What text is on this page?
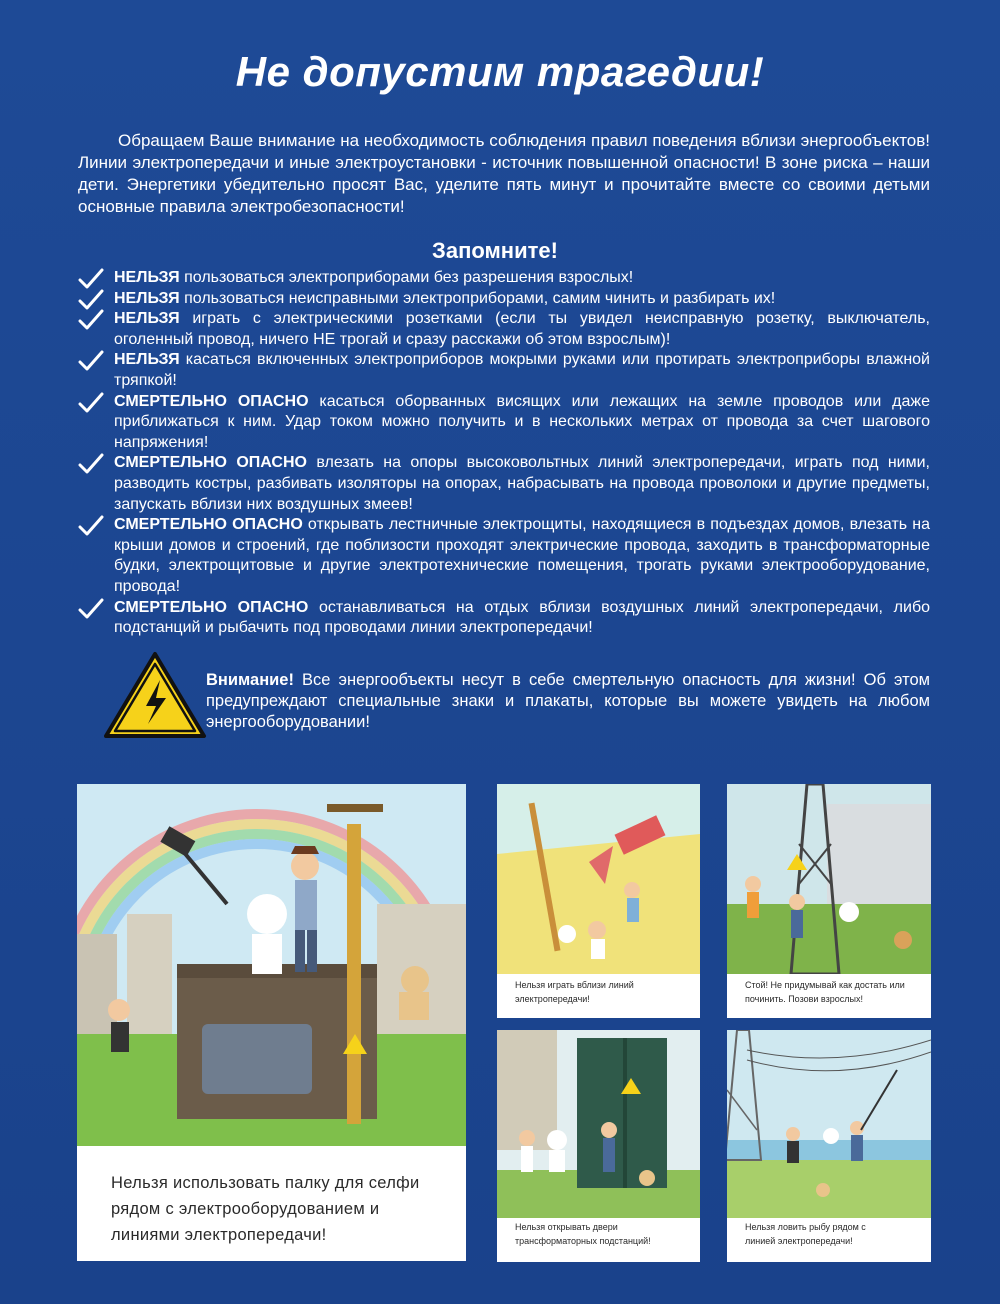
Не допустим трагедии!
Обращаем Ваше внимание на необходимость соблюдения правил поведения вблизи энергообъектов! Линии электропередачи и иные электроустановки - источник повышенной опасности! В зоне риска – наши дети. Энергетики убедительно просят Вас, уделите пять минут и прочитайте вместе со своими детьми основные правила электробезопасности!
Запомните!
НЕЛЬЗЯ пользоваться электроприборами без разрешения взрослых!
НЕЛЬЗЯ пользоваться неисправными электроприборами, самим чинить и разбирать их!
НЕЛЬЗЯ играть с электрическими розетками (если ты увидел неисправную розетку, выключатель, оголенный провод, ничего НЕ трогай и сразу расскажи об этом взрослым)!
НЕЛЬЗЯ касаться включенных электроприборов мокрыми руками или протирать электроприборы влажной тряпкой!
СМЕРТЕЛЬНО ОПАСНО касаться оборванных висящих или лежащих на земле проводов или даже приближаться к ним. Удар током можно получить и в нескольких метрах от провода за счет шагового напряжения!
СМЕРТЕЛЬНО ОПАСНО влезать на опоры высоковольтных линий электропередачи, играть под ними, разводить костры, разбивать изоляторы на опорах, набрасывать на провода проволоки и другие предметы, запускать вблизи них воздушных змеев!
СМЕРТЕЛЬНО ОПАСНО открывать лестничные электрощиты, находящиеся в подъездах домов, влезать на крыши домов и строений, где поблизости проходят электрические провода, заходить в трансформаторные будки, электрощитовые и другие электротехнические помещения, трогать руками электрооборудование, провода!
СМЕРТЕЛЬНО ОПАСНО останавливаться на отдых вблизи воздушных линий электропередачи, либо подстанций и рыбачить под проводами линии электропередачи!
Внимание! Все энергообъекты несут в себе смертельную опасность для жизни! Об этом предупреждают специальные знаки и плакаты, которые вы можете увидеть на любом энергооборудовании!
Нельзя использовать палку для селфи рядом с электрооборудованием и линиями электропередачи!
Нельзя играть вблизи линий электропередачи!
Стой! Не придумывай как достать или починить. Позови взрослых!
Нельзя открывать двери трансформаторных подстанций!
Нельзя ловить рыбу рядом с линией электропередачи!
